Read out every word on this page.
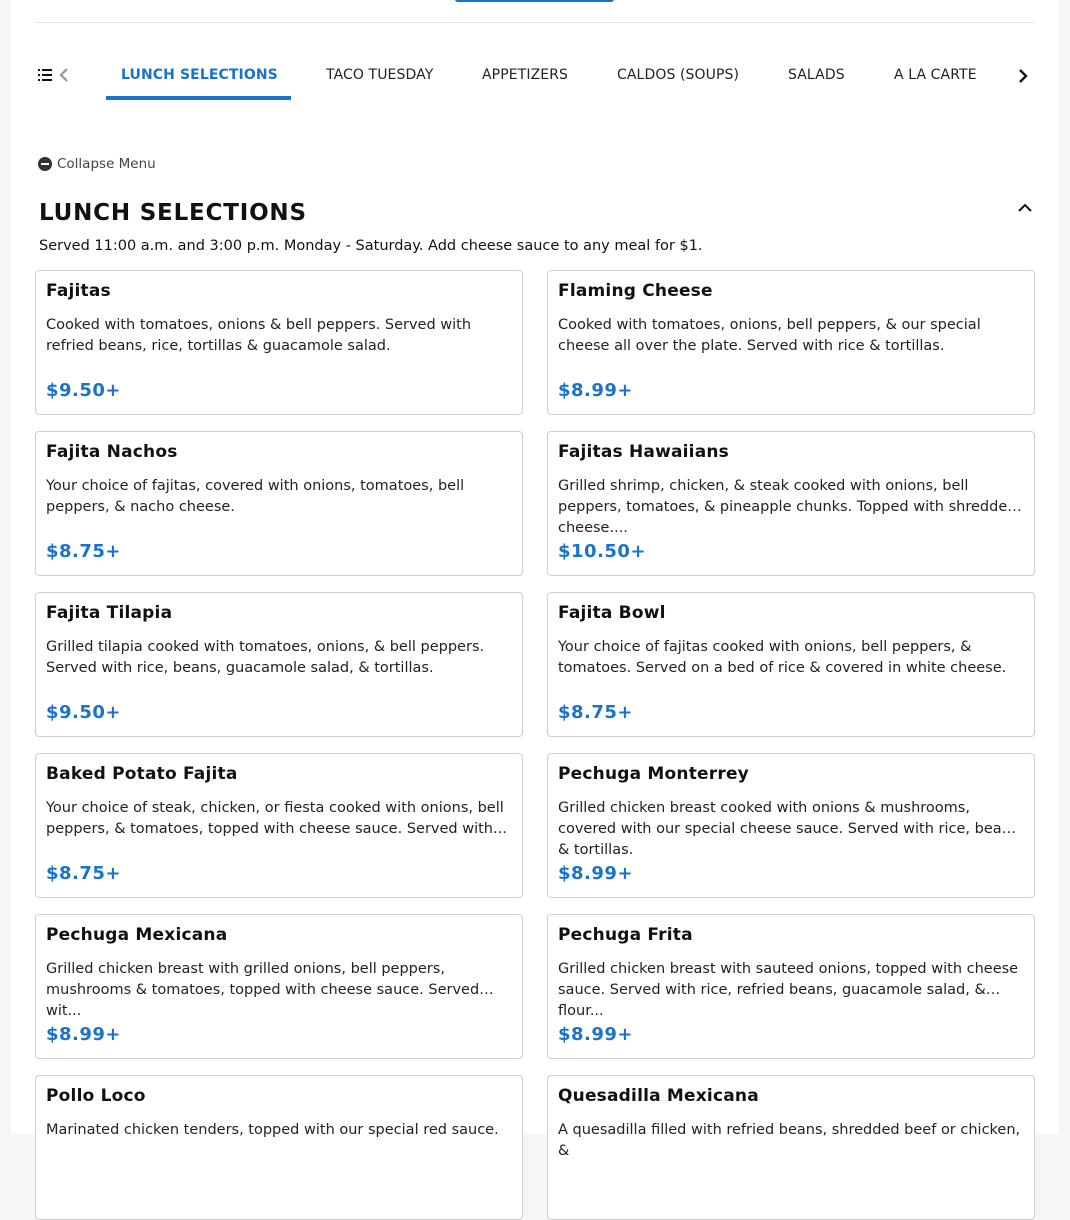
LUNCH SELECTIONS	TACO TUESDAY	APPETIZERS	CALDOS (SOUPS)	SALADS	A LA CARTE
Collapse Menu
LUNCH SELECTIONS

Served 11:00 a.m. and 3:00 p.m. Monday - Saturday. Add cheese sauce to any meal for $1.

Fajitas
Cooked with tomatoes, onions & bell peppers. Served with refried beans, rice, tortillas & guacamole salad.
$9.50+
Flaming Cheese
Cooked with tomatoes, onions, bell peppers, & our special cheese all over the plate. Served with rice & tortillas.
$8.99+
Fajita Nachos
Your choice of fajitas, covered with onions, tomatoes, bell peppers, & nacho cheese.
$8.75+
Fajitas Hawaiians
Grilled shrimp, chicken, & steak cooked with onions, bell peppers, tomatoes, & pineapple chunks. Topped with shredded cheese....
$10.50+
Fajita Tilapia
Grilled tilapia cooked with tomatoes, onions, & bell peppers. Served with rice, beans, guacamole salad, & tortillas.
$9.50+
Fajita Bowl
Your choice of fajitas cooked with onions, bell peppers, & tomatoes. Served on a bed of rice & covered in white cheese.
$8.75+
Baked Potato Fajita
Your choice of steak, chicken, or fiesta cooked with onions, bell peppers, & tomatoes, topped with cheese sauce. Served with...
$8.75+
Pechuga Monterrey
Grilled chicken breast cooked with onions & mushrooms, covered with our special cheese sauce. Served with rice, beans, & tortillas.
$8.99+
Pechuga Mexicana
Grilled chicken breast with grilled onions, bell peppers, mushrooms & tomatoes, topped with cheese sauce. Served wit...
$8.99+
Pechuga Frita
Grilled chicken breast with sauteed onions, topped with cheese sauce. Served with rice, refried beans, guacamole salad, & flour...
$8.99+
Pollo Loco
Marinated chicken tenders, topped with our special red sauce.
Quesadilla Mexicana
A quesadilla filled with refried beans, shredded beef or chicken, &
